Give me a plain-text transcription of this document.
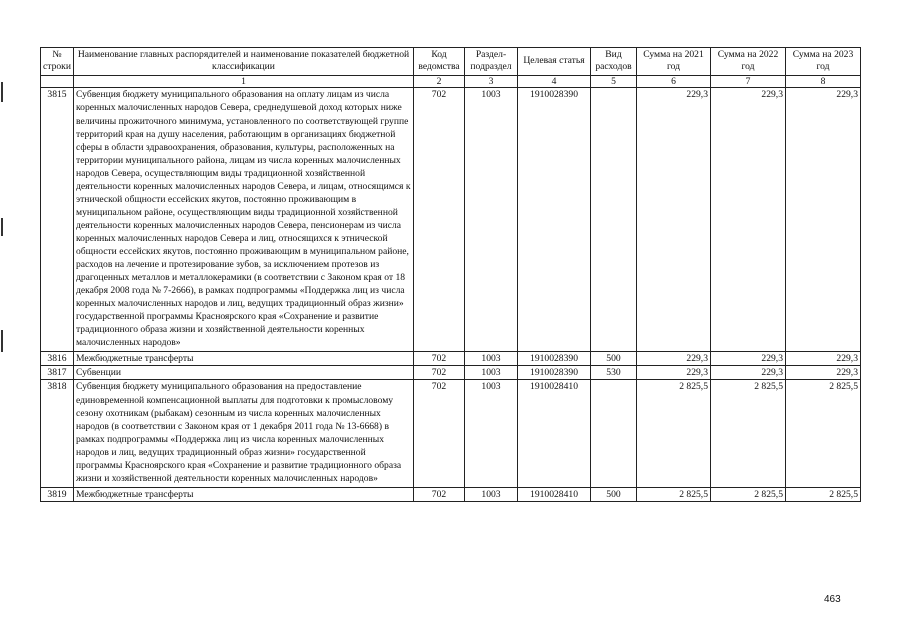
№ строки	Наименование главных распорядителей и наименование показателей бюджетной классификации	Код ведомства	Раздел-подраздел	Целевая статья	Вид расходов	Сумма на 2021 год	Сумма на 2022 год	Сумма на 2023 год
	1	2	3	4	5	6	7	8
3815	Субвенция бюджету муниципального образования на оплату лицам из числа коренных малочисленных народов Севера, среднедушевой доход которых ниже величины прожиточного минимума, установленного по соответствующей группе территорий края на душу населения, работающим в организациях бюджетной сферы в области здравоохранения, образования, культуры, расположенных на территории муниципального района, лицам из числа коренных малочисленных народов Севера, осуществляющим виды традиционной хозяйственной деятельности коренных малочисленных народов Севера, и лицам, относящимся к этнической общности ессейских якутов, постоянно проживающим в муниципальном районе, осуществляющим виды традиционной хозяйственной деятельности коренных малочисленных народов Севера, пенсионерам из числа коренных малочисленных народов Севера и лиц, относящихся к этнической общности ессейских якутов, постоянно проживающим в муниципальном районе, расходов на лечение и протезирование зубов, за исключением протезов из драгоценных металлов и металлокерамики (в соответствии с Законом края от 18 декабря 2008 года № 7-2666), в рамках подпрограммы «Поддержка лиц из числа коренных малочисленных народов и лиц, ведущих традиционный образ жизни» государственной программы Красноярского края «Сохранение и развитие традиционного образа жизни и хозяйственной деятельности коренных малочисленных народов»	702	1003	1910028390		229,3	229,3	229,3
3816	Межбюджетные трансферты	702	1003	1910028390	500	229,3	229,3	229,3
3817	Субвенции	702	1003	1910028390	530	229,3	229,3	229,3
3818	Субвенция бюджету муниципального образования на предоставление единовременной компенсационной выплаты для подготовки к промысловому сезону охотникам (рыбакам) сезонным из числа коренных малочисленных народов (в соответствии с Законом края от 1 декабря 2011 года № 13-6668) в рамках подпрограммы «Поддержка лиц из числа коренных малочисленных народов и лиц, ведущих традиционный образ жизни» государственной программы Красноярского края «Сохранение и развитие традиционного образа жизни и хозяйственной деятельности коренных малочисленных народов»	702	1003	1910028410		2 825,5	2 825,5	2 825,5
3819	Межбюджетные трансферты	702	1003	1910028410	500	2 825,5	2 825,5	2 825,5
463
